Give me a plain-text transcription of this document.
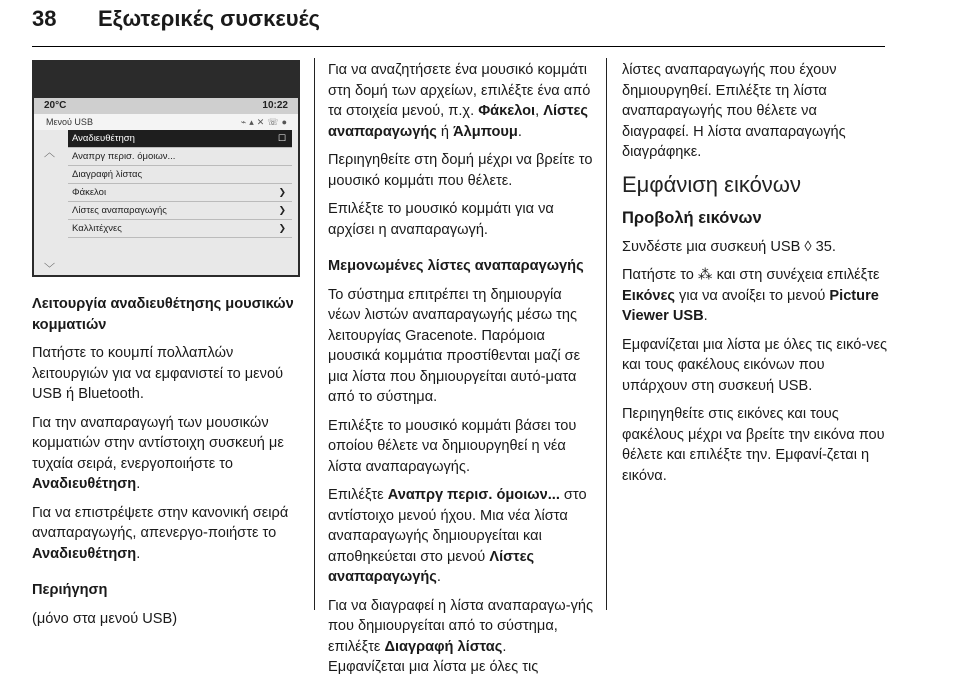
38 Εξωτερικές συσκευές
20°C	10:22
Μενού USB	⌁▴✕☏●
︿
﹀
Αναδιευθέτηση	☐
Αναπργ περισ. όμοιων...
Διαγραφή λίστας
Φάκελοι	❯
Λίστες αναπαραγωγής	❯
Καλλιτέχνες	❯

Λειτουργία αναδιευθέτησης μουσικών κομματιών

Πατήστε το κουμπί πολλαπλών λειτουργιών για να εμφανιστεί το μενού USB ή Bluetooth.

Για την αναπαραγωγή των μουσικών κομματιών στην αντίστοιχη συσκευή με τυχαία σειρά, ενεργοποιήστε το Αναδιευθέτηση.

Για να επιστρέψετε στην κανονική σειρά αναπαραγωγής, απενεργο-ποιήστε το Αναδιευθέτηση.

Περιήγηση

(μόνο στα μενού USB)

Για να αναζητήσετε ένα μουσικό κομμάτι στη δομή των αρχείων, επιλέξτε ένα από τα στοιχεία μενού, π.χ. Φάκελοι, Λίστες αναπαραγωγής ή Άλμπουμ.

Περιηγηθείτε στη δομή μέχρι να βρείτε το μουσικό κομμάτι που θέλετε.

Επιλέξτε το μουσικό κομμάτι για να αρχίσει η αναπαραγωγή.

Μεμονωμένες λίστες αναπαραγωγής

Το σύστημα επιτρέπει τη δημιουργία νέων λιστών αναπαραγωγής μέσω της λειτουργίας Gracenote. Παρόμοια μουσικά κομμάτια προστίθενται μαζί σε μια λίστα που δημιουργείται αυτό-ματα από το σύστημα.

Επιλέξτε το μουσικό κομμάτι βάσει του οποίου θέλετε να δημιουργηθεί η νέα λίστα αναπαραγωγής.

Επιλέξτε Αναπργ περισ. όμοιων... στο αντίστοιχο μενού ήχου. Μια νέα λίστα αναπαραγωγής δημιουργείται και αποθηκεύεται στο μενού Λίστες αναπαραγωγής.

Για να διαγραφεί η λίστα αναπαραγω-γής που δημιουργείται από το σύστημα, επιλέξτε Διαγραφή λίστας.

Εμφανίζεται μια λίστα με όλες τις

λίστες αναπαραγωγής που έχουν δημιουργηθεί. Επιλέξτε τη λίστα αναπαραγωγής που θέλετε να διαγραφεί. Η λίστα αναπαραγωγής διαγράφηκε.

Εμφάνιση εικόνων

Προβολή εικόνων

Συνδέστε μια συσκευή USB ◊ 35.

Πατήστε το ⁂ και στη συνέχεια επιλέξτε Εικόνες για να ανοίξει το μενού Picture Viewer USB.

Εμφανίζεται μια λίστα με όλες τις εικό-νες και τους φακέλους εικόνων που υπάρχουν στη συσκευή USB.

Περιηγηθείτε στις εικόνες και τους φακέλους μέχρι να βρείτε την εικόνα που θέλετε και επιλέξτε την. Εμφανί-ζεται η εικόνα.
